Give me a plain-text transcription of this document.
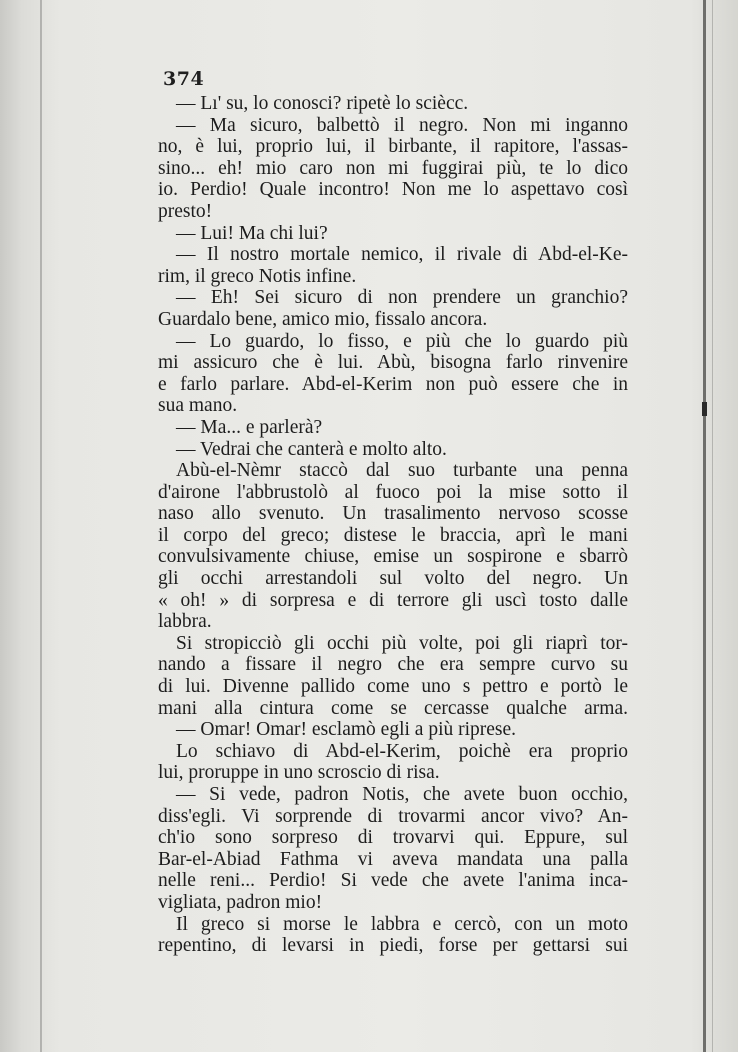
374
— Lı' su, lo conosci? ripetè lo sciècc.
— Ma sicuro, balbettò il negro. Non mi inganno
no, è lui, proprio lui, il birbante, il rapitore, l'assas-
sino... eh! mio caro non mi fuggirai più, te lo dico
io. Perdio! Quale incontro! Non me lo aspettavo così
presto!
— Lui! Ma chi lui?
— Il nostro mortale nemico, il rivale di Abd-el-Ke-
rim, il greco Notis infine.
— Eh! Sei sicuro di non prendere un granchio?
Guardalo bene, amico mio, fissalo ancora.
— Lo guardo, lo fisso, e più che lo guardo più
mi assicuro che è lui. Abù, bisogna farlo rinvenire
e farlo parlare. Abd-el-Kerim non può essere che in
sua mano.
— Ma... e parlerà?
— Vedrai che canterà e molto alto.
Abù-el-Nèmr staccò dal suo turbante una penna
d'airone l'abbrustolò al fuoco poi la mise sotto il
naso allo svenuto. Un trasalimento nervoso scosse
il corpo del greco; distese le braccia, aprì le mani
convulsivamente chiuse, emise un sospirone e sbarrò
gli occhi arrestandoli sul volto del negro. Un
« oh! » di sorpresa e di terrore gli uscì tosto dalle
labbra.
Si stropicciò gli occhi più volte, poi gli riaprì tor-
nando a fissare il negro che era sempre curvo su
di lui. Divenne pallido come uno s pettro e portò le
mani alla cintura come se cercasse qualche arma.
— Omar! Omar! esclamò egli a più riprese.
Lo schiavo di Abd-el-Kerim, poichè era proprio
lui, proruppe in uno scroscio di risa.
— Si vede, padron Notis, che avete buon occhio,
diss'egli. Vi sorprende di trovarmi ancor vivo? An-
ch'io sono sorpreso di trovarvi qui. Eppure, sul
Bar-el-Abiad Fathma vi aveva mandata una palla
nelle reni... Perdio! Si vede che avete l'anima inca-
vigliata, padron mio!
Il greco si morse le labbra e cercò, con un moto
repentino, di levarsi in piedi, forse per gettarsi sui
